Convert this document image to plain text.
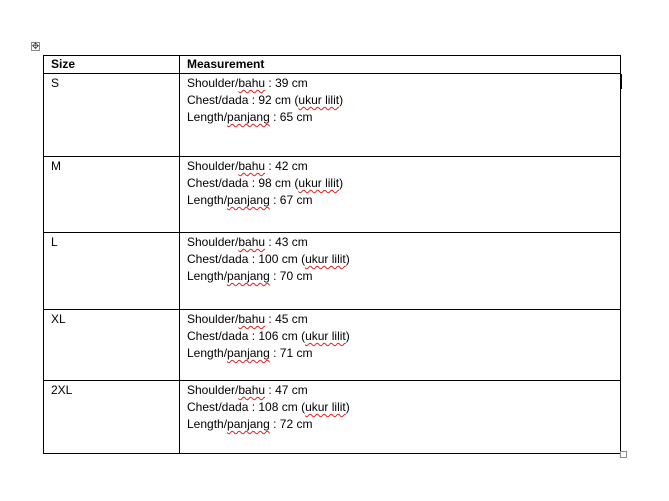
✥
Size	Measurement
S	Shoulder/bahu : 39 cm
Chest/dada : 92 cm (ukur lilit)
Length/panjang : 65 cm

M	Shoulder/bahu : 42 cm
Chest/dada : 98 cm (ukur lilit)
Length/panjang : 67 cm

L	Shoulder/bahu : 43 cm
Chest/dada : 100 cm (ukur lilit)
Length/panjang : 70 cm

XL	Shoulder/bahu : 45 cm
Chest/dada : 106 cm (ukur lilit)
Length/panjang : 71 cm

2XL	Shoulder/bahu : 47 cm
Chest/dada : 108 cm (ukur lilit)
Length/panjang : 72 cm
